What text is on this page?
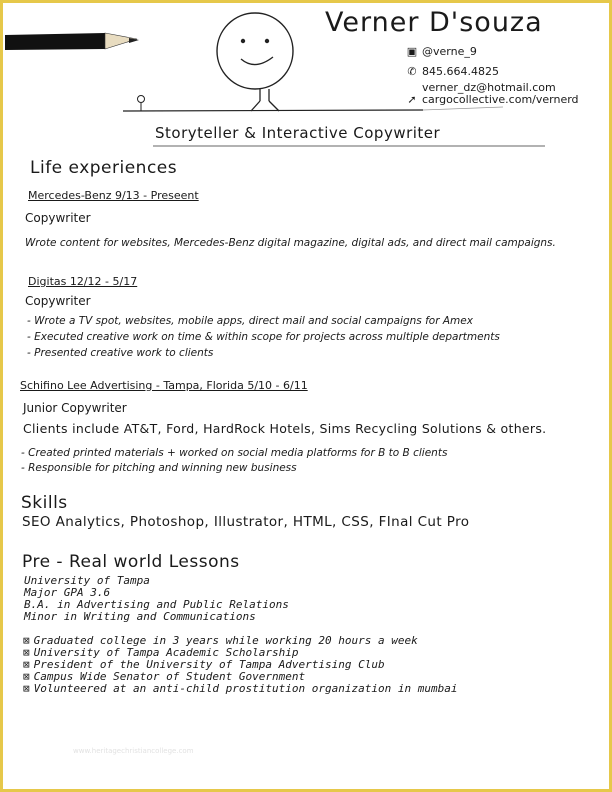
Verner D'souza
▣ @verne_9
✆ 845.664.4825
verner_dz@hotmail.com
➚ cargocollective.com/vernerd
Storyteller & Interactive Copywriter
Life experiences
Mercedes-Benz 9/13 - Preseent
Copywriter
Wrote content for websites, Mercedes-Benz digital magazine, digital ads, and direct mail campaigns.
Digitas 12/12 - 5/17
Copywriter
- Wrote a TV spot, websites, mobile apps, direct mail and social campaigns for Amex
- Executed creative work on time & within scope for projects across multiple departments
- Presented creative work to clients
Schifino Lee Advertising - Tampa, Florida 5/10 - 6/11
Junior Copywriter
Clients include AT&T, Ford, HardRock Hotels, Sims Recycling Solutions & others.
- Created printed materials + worked on social media platforms for B to B clients
- Responsible for pitching and winning new business
Skills
SEO Analytics, Photoshop, Illustrator, HTML, CSS, FInal Cut Pro
Pre - Real world Lessons
University of Tampa
Major GPA 3.6
B.A. in Advertising and Public Relations
Minor in Writing and Communications
⊠ Graduated college in 3 years while working 20 hours a week
⊠ University of Tampa Academic Scholarship
⊠ President of the University of Tampa Advertising Club
⊠ Campus Wide Senator of Student Government
⊠ Volunteered at an anti-child prostitution organization in mumbai
www.heritagechristiancollege.com
